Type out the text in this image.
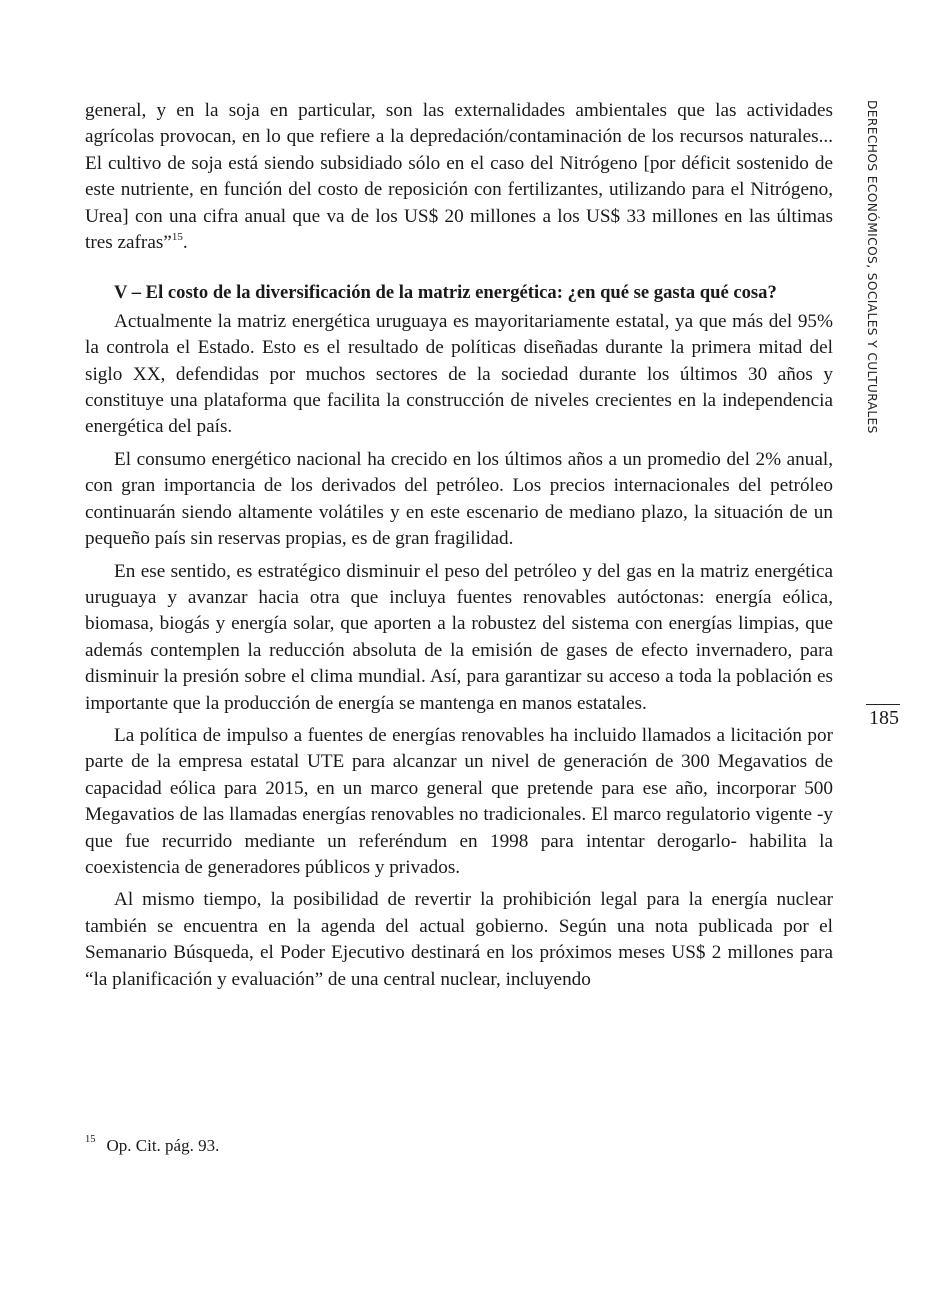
general, y en la soja en particular, son las externalidades ambientales que las actividades agrícolas provocan, en lo que refiere a la depredación/contaminación de los recursos naturales... El cultivo de soja está siendo subsidiado sólo en el caso del Nitrógeno [por déficit sostenido de este nutriente, en función del costo de reposición con fertilizantes, utilizando para el Nitrógeno, Urea] con una cifra anual que va de los US$ 20 millones a los US$ 33 millones en las últimas tres zafras”$^{15}$.

V – El costo de la diversificación de la matriz energética: ¿en qué se gasta qué cosa?

Actualmente la matriz energética uruguaya es mayoritariamente estatal, ya que más del 95% la controla el Estado. Esto es el resultado de políticas diseñadas durante la primera mitad del siglo XX, defendidas por muchos sectores de la sociedad durante los últimos 30 años y constituye una plataforma que facilita la construcción de niveles crecientes en la independencia energética del país.

El consumo energético nacional ha crecido en los últimos años a un promedio del 2% anual, con gran importancia de los derivados del petróleo. Los precios internacionales del petróleo continuarán siendo altamente volátiles y en este escenario de mediano plazo, la situación de un pequeño país sin reservas propias, es de gran fragilidad.

En ese sentido, es estratégico disminuir el peso del petróleo y del gas en la matriz energética uruguaya y avanzar hacia otra que incluya fuentes renovables autóctonas: energía eólica, biomasa, biogás y energía solar, que aporten a la robustez del sistema con energías limpias, que además contemplen la reducción absoluta de la emisión de gases de efecto invernadero, para disminuir la presión sobre el clima mundial. Así, para garantizar su acceso a toda la población es importante que la producción de energía se mantenga en manos estatales.

La política de impulso a fuentes de energías renovables ha incluido llamados a licitación por parte de la empresa estatal UTE para alcanzar un nivel de generación de 300 Megavatios de capacidad eólica para 2015, en un marco general que pretende para ese año, incorporar 500 Megavatios de las llamadas energías renovables no tradicionales. El marco regulatorio vigente -y que fue recurrido mediante un referéndum en 1998 para intentar derogarlo- habilita la coexistencia de generadores públicos y privados.

Al mismo tiempo, la posibilidad de revertir la prohibición legal para la energía nuclear también se encuentra en la agenda del actual gobierno. Según una nota publicada por el Semanario Búsqueda, el Poder Ejecutivo destinará en los próximos meses US$ 2 millones para “la planificación y evaluación” de una central nuclear, incluyendo

DERECHOS ECONÓMICOS, SOCIALES Y CULTURALES
185
$^{15}$ Op. Cit. pág. 93.
